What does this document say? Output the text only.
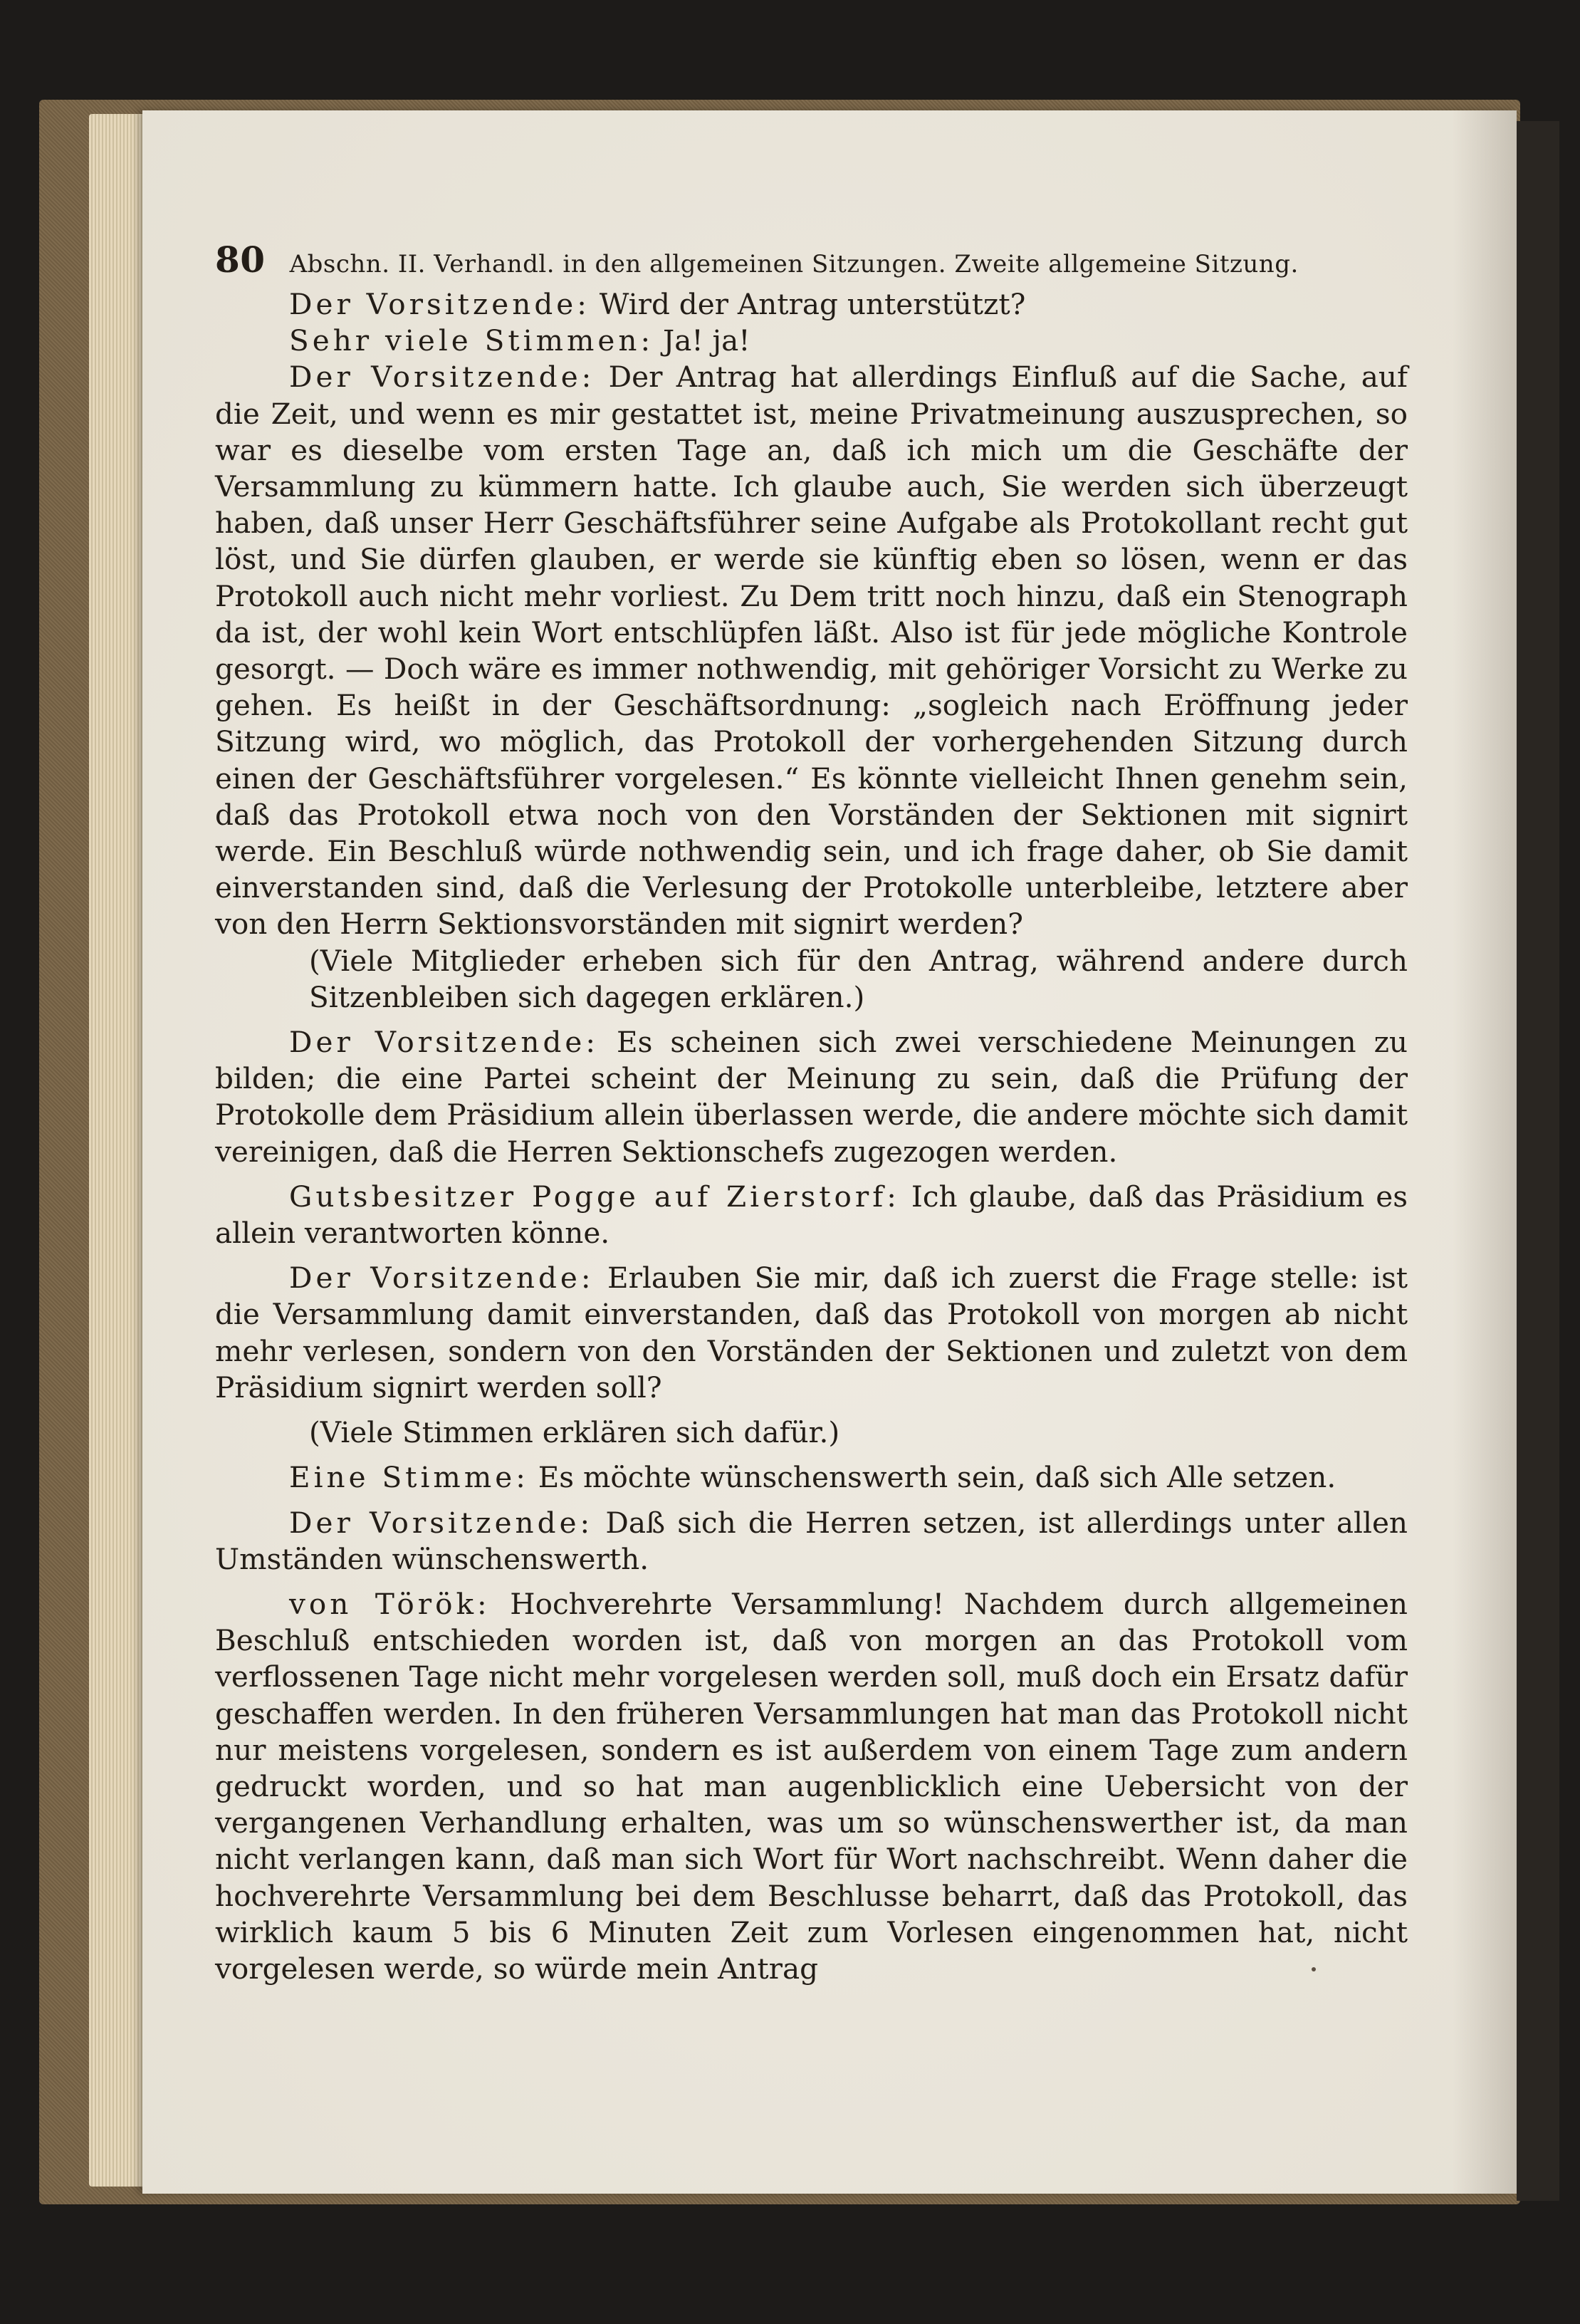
80 Abschn. II. Verhandl. in den allgemeinen Sitzungen. Zweite allgemeine Sitzung.

Der Vorsitzende: Wird der Antrag unterstützt?

Sehr viele Stimmen: Ja! ja!

Der Vorsitzende: Der Antrag hat allerdings Einfluß auf die Sache, auf die Zeit, und wenn es mir gestattet ist, meine Privatmeinung auszusprechen, so war es dieselbe vom ersten Tage an, daß ich mich um die Geschäfte der Versammlung zu kümmern hatte. Ich glaube auch, Sie werden sich überzeugt haben, daß unser Herr Geschäftsführer seine Aufgabe als Protokollant recht gut löst, und Sie dürfen glauben, er werde sie künftig eben so lösen, wenn er das Protokoll auch nicht mehr vorliest. Zu Dem tritt noch hinzu, daß ein Stenograph da ist, der wohl kein Wort entschlüpfen läßt. Also ist für jede mögliche Kontrole gesorgt. — Doch wäre es immer nothwendig, mit gehöriger Vorsicht zu Werke zu gehen. Es heißt in der Geschäftsordnung: „sogleich nach Eröffnung jeder Sitzung wird, wo möglich, das Protokoll der vorhergehenden Sitzung durch einen der Geschäftsführer vorgelesen.“ Es könnte vielleicht Ihnen genehm sein, daß das Protokoll etwa noch von den Vorständen der Sektionen mit signirt werde. Ein Beschluß würde nothwendig sein, und ich frage daher, ob Sie damit einverstanden sind, daß die Verlesung der Protokolle unterbleibe, letztere aber von den Herrn Sektionsvorständen mit signirt werden?

(Viele Mitglieder erheben sich für den Antrag, während andere durch Sitzenbleiben sich dagegen erklären.)

Der Vorsitzende: Es scheinen sich zwei verschiedene Meinungen zu bilden; die eine Partei scheint der Meinung zu sein, daß die Prüfung der Protokolle dem Präsidium allein überlassen werde, die andere möchte sich damit vereinigen, daß die Herren Sektionschefs zugezogen werden.

Gutsbesitzer Pogge auf Zierstorf: Ich glaube, daß das Präsidium es allein verantworten könne.

Der Vorsitzende: Erlauben Sie mir, daß ich zuerst die Frage stelle: ist die Versammlung damit einverstanden, daß das Protokoll von morgen ab nicht mehr verlesen, sondern von den Vorständen der Sektionen und zuletzt von dem Präsidium signirt werden soll?

(Viele Stimmen erklären sich dafür.)

Eine Stimme: Es möchte wünschenswerth sein, daß sich Alle setzen.

Der Vorsitzende: Daß sich die Herren setzen, ist allerdings unter allen Umständen wünschenswerth.

von Török: Hochverehrte Versammlung! Nachdem durch allgemeinen Beschluß entschieden worden ist, daß von morgen an das Protokoll vom verflossenen Tage nicht mehr vorgelesen werden soll, muß doch ein Ersatz dafür geschaffen werden. In den früheren Versammlungen hat man das Protokoll nicht nur meistens vorgelesen, sondern es ist außerdem von einem Tage zum andern gedruckt worden, und so hat man augenblicklich eine Uebersicht von der vergangenen Verhandlung erhalten, was um so wünschenswerther ist, da man nicht verlangen kann, daß man sich Wort für Wort nachschreibt. Wenn daher die hochverehrte Versammlung bei dem Beschlusse beharrt, daß das Protokoll, das wirklich kaum 5 bis 6 Minuten Zeit zum Vorlesen eingenommen hat, nicht vorgelesen werde, so würde mein Antrag
